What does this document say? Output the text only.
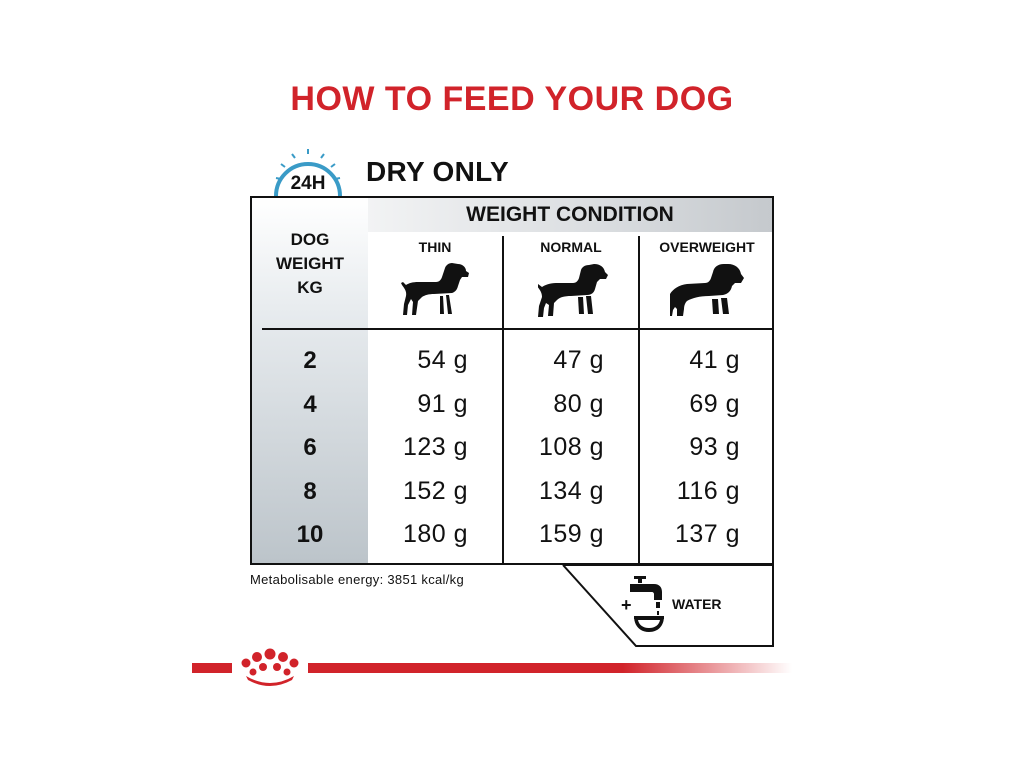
HOW TO FEED YOUR DOG
24H DRY ONLY
WEIGHT CONDITION
DOG
WEIGHT
KG
THIN	NORMAL	OVERWEIGHT
2	54 g	47 g	41 g
4	91 g	80 g	69 g
6	123 g	108 g	93 g
8	152 g	134 g	116 g
10	180 g	159 g	137 g
Metabolisable energy: 3851 kcal/kg
+	WATER
